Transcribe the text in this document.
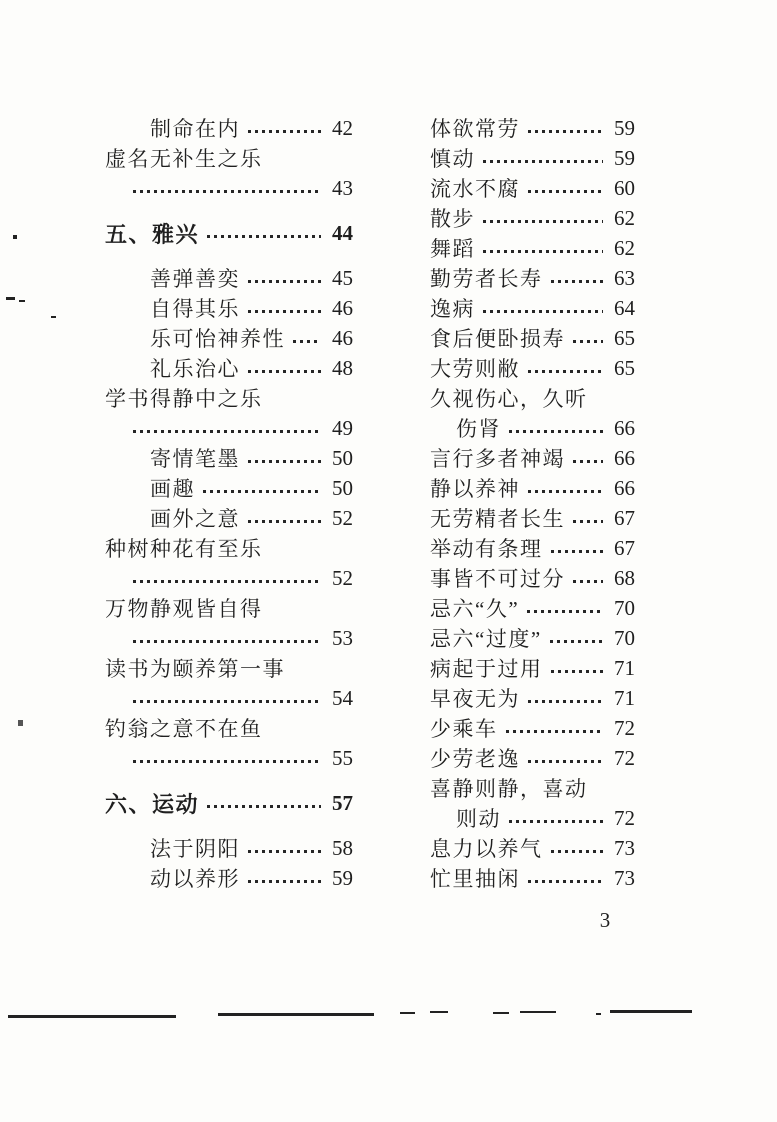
制命在内	42
虚名无补生之乐
43
五、雅兴	44
善弹善奕	45
自得其乐	46
乐可怡神养性 46
礼乐治心	48
学书得静中之乐
49
寄情笔墨	50
画趣	50
画外之意	52
种树种花有至乐
52
万物静观皆自得
53
读书为颐养第一事
54
钓翁之意不在鱼
55
六、运动	57
法于阴阳	58
动以养形	59
体欲常劳	59
慎动	59
流水不腐	60
散步	62
舞蹈	62
勤劳者长寿	63
逸病	64
食后便卧损寿 65
大劳则敝	65
久视伤心，久听
伤肾	66
言行多者神竭 66
静以养神	66
无劳精者长生 67
举动有条理	67
事皆不可过分 68
忌六“久”	70
忌六“过度”	70
病起于过用	71
早夜无为	71
少乘车	72
少劳老逸	72
喜静则静，喜动
则动	72
息力以养气	73
忙里抽闲	73
3
